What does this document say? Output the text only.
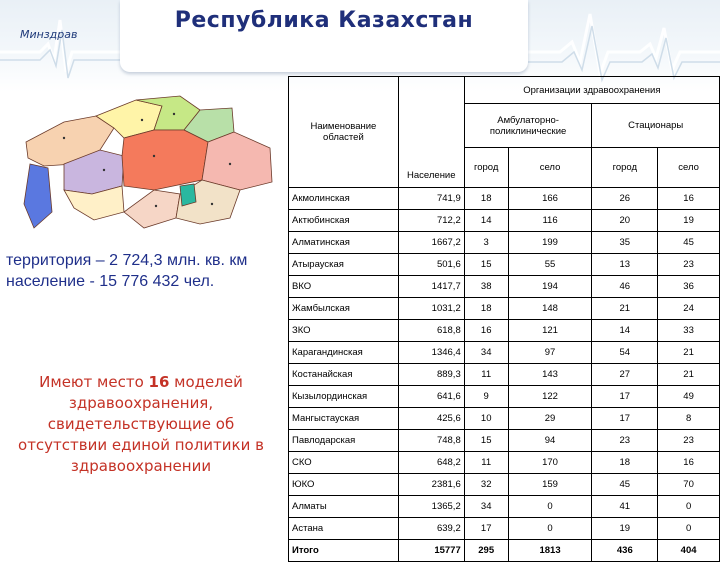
Минздрав
Республика Казахстан
территория – 2 724,3 млн. кв. км
население - 15 776 432 чел.
Имеют место 16 моделей здравоохранения, свидетельствующие об отсутствии единой политики в здравоохранении
Наименование областей	Население	Организации здравоохранения			
		Амбулаторно-поликлинические		Стационары	
		город	село	город	село
Акмолинская	741,9	18	166	26	16
Актюбинская	712,2	14	116	20	19
Алматинская	1667,2	3	199	35	45
Атырауская	501,6	15	55	13	23
ВКО	1417,7	38	194	46	36
Жамбылская	1031,2	18	148	21	24
ЗКО	618,8	16	121	14	33
Карагандинская	1346,4	34	97	54	21
Костанайская	889,3	11	143	27	21
Кызылординская	641,6	9	122	17	49
Мангыстауская	425,6	10	29	17	8
Павлодарская	748,8	15	94	23	23
СКО	648,2	11	170	18	16
ЮКО	2381,6	32	159	45	70
Алматы	1365,2	34	0	41	0
Астана	639,2	17	0	19	0
Итого	15777	295	1813	436	404
